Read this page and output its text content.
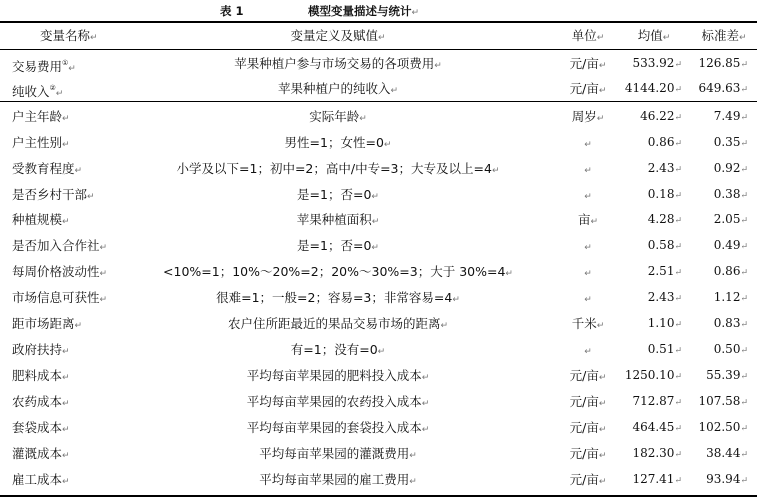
表 1	模型变量描述与统计↵
变量名称↵	变量定义及赋值↵	单位↵	均值↵	标准差↵
交易费用①↵	苹果种植户参与市场交易的各项费用↵	元/亩↵	533.92↵	126.85↵
纯收入②↵	苹果种植户的纯收入↵	元/亩↵	4144.20↵	649.63↵
户主年龄↵	实际年龄↵	周岁↵	46.22↵	7.49↵
户主性别↵	男性=1；女性=0↵	↵	0.86↵	0.35↵
受教育程度↵	小学及以下=1；初中=2；高中/中专=3；大专及以上=4↵	↵	2.43↵	0.92↵
是否乡村干部↵	是=1；否=0↵	↵	0.18↵	0.38↵
种植规模↵	苹果种植面积↵	亩↵	4.28↵	2.05↵
是否加入合作社↵	是=1；否=0↵	↵	0.58↵	0.49↵
每周价格波动性↵	<10%=1；10%～20%=2；20%～30%=3；大于 30%=4↵	↵	2.51↵	0.86↵
市场信息可获性↵	很难=1；一般=2；容易=3；非常容易=4↵	↵	2.43↵	1.12↵
距市场距离↵	农户住所距最近的果品交易市场的距离↵	千米↵	1.10↵	0.83↵
政府扶持↵	有=1；没有=0↵	↵	0.51↵	0.50↵
肥料成本↵	平均每亩苹果园的肥料投入成本↵	元/亩↵	1250.10↵	55.39↵
农药成本↵	平均每亩苹果园的农药投入成本↵	元/亩↵	712.87↵	107.58↵
套袋成本↵	平均每亩苹果园的套袋投入成本↵	元/亩↵	464.45↵	102.50↵
灌溉成本↵	平均每亩苹果园的灌溉费用↵	元/亩↵	182.30↵	38.44↵
雇工成本↵	平均每亩苹果园的雇工费用↵	元/亩↵	127.41↵	93.94↵
